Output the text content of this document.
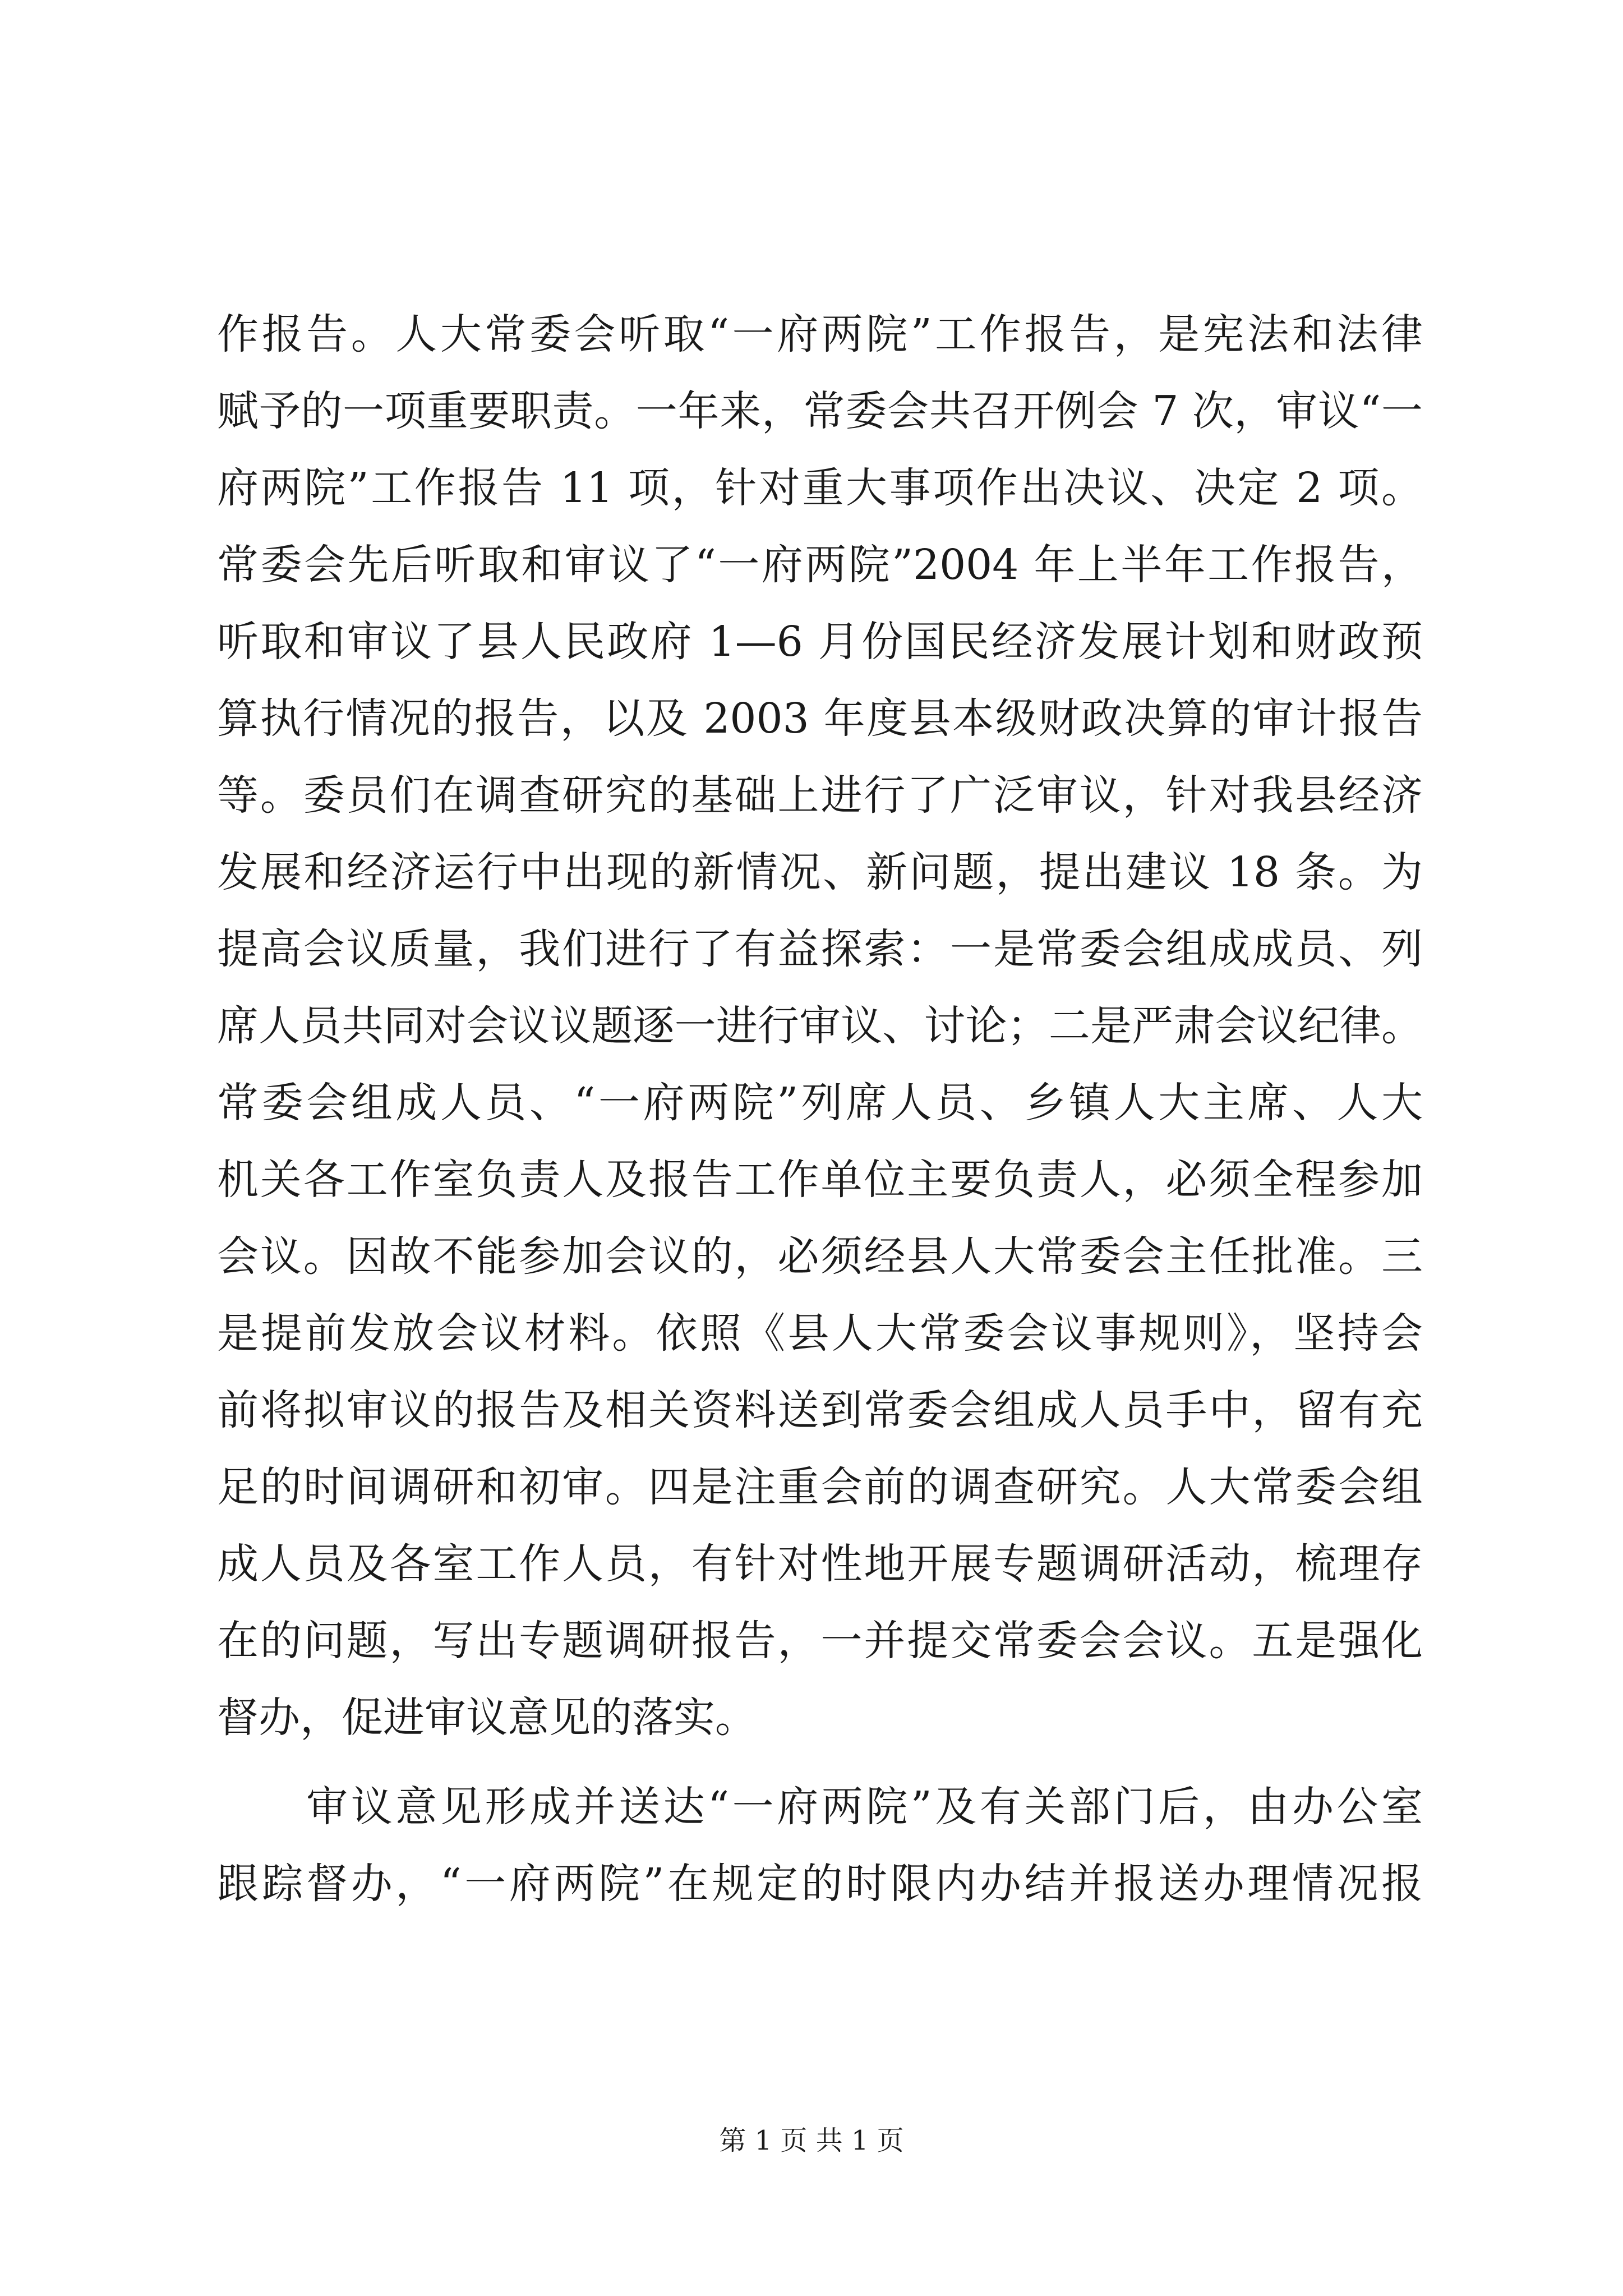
作报告。人大常委会听取“一府两院”工作报告，是宪法和法律
赋予的一项重要职责。一年来，常委会共召开例会 7 次，审议“一
府两院”工作报告 11 项，针对重大事项作出决议、决定 2 项。
常委会先后听取和审议了“一府两院”2004 年上半年工作报告，
听取和审议了县人民政府 1—6 月份国民经济发展计划和财政预
算执行情况的报告，以及 2003 年度县本级财政决算的审计报告
等。委员们在调查研究的基础上进行了广泛审议，针对我县经济
发展和经济运行中出现的新情况、新问题，提出建议 18 条。为
提高会议质量，我们进行了有益探索：一是常委会组成成员、列
席人员共同对会议议题逐一进行审议、讨论；二是严肃会议纪律。
常委会组成人员、“一府两院”列席人员、乡镇人大主席、人大
机关各工作室负责人及报告工作单位主要负责人，必须全程参加
会议。因故不能参加会议的，必须经县人大常委会主任批准。三
是提前发放会议材料。依照《县人大常委会议事规则》，坚持会
前将拟审议的报告及相关资料送到常委会组成人员手中，留有充
足的时间调研和初审。四是注重会前的调查研究。人大常委会组
成人员及各室工作人员，有针对性地开展专题调研活动，梳理存
在的问题，写出专题调研报告，一并提交常委会会议。五是强化
督办，促进审议意见的落实。
　　审议意见形成并送达“一府两院”及有关部门后，由办公室
跟踪督办，“一府两院”在规定的时限内办结并报送办理情况报
第 1 页 共 1 页
